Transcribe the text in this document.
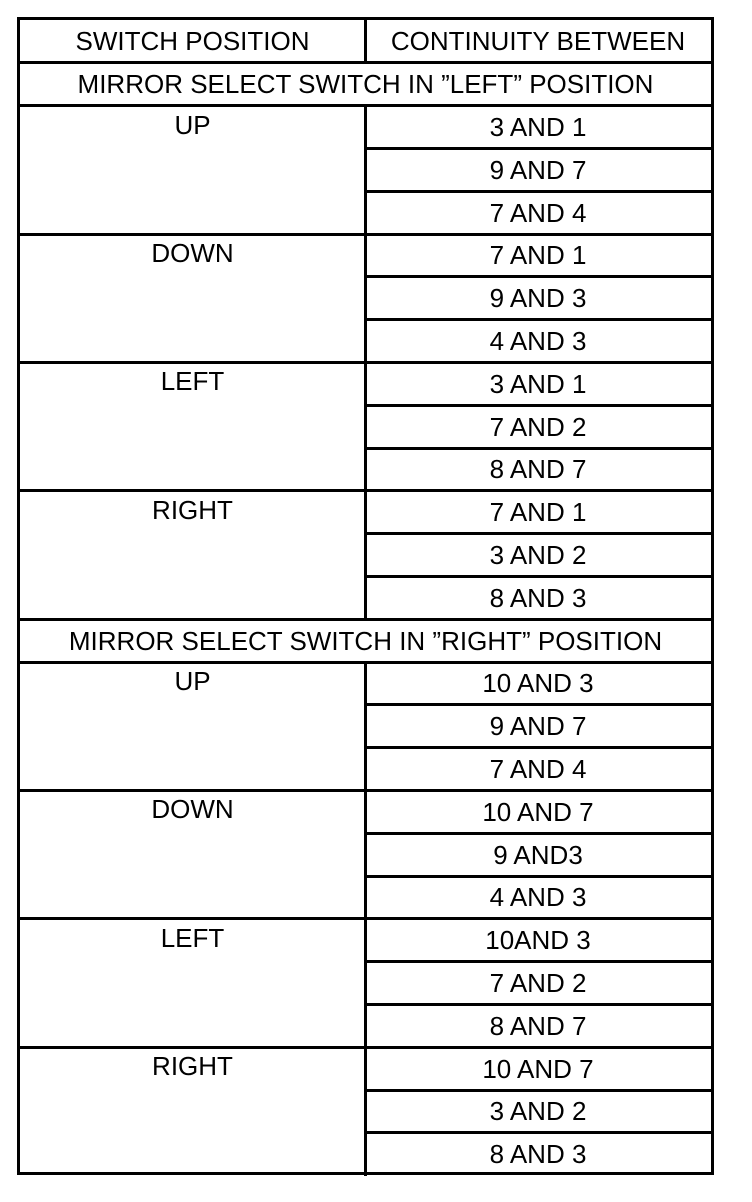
SWITCH POSITION	CONTINUITY BETWEEN
MIRROR SELECT SWITCH IN ”LEFT” POSITION
UP	3 AND 1
9 AND 7
7 AND 4
DOWN	7 AND 1
9 AND 3
4 AND 3
LEFT	3 AND 1
7 AND 2
8 AND 7
RIGHT	7 AND 1
3 AND 2
8 AND 3
MIRROR SELECT SWITCH IN ”RIGHT” POSITION
UP	10 AND 3
9 AND 7
7 AND 4
DOWN	10 AND 7
9 AND3
4 AND 3
LEFT	10AND 3
7 AND 2
8 AND 7
RIGHT	10 AND 7
3 AND 2
8 AND 3
